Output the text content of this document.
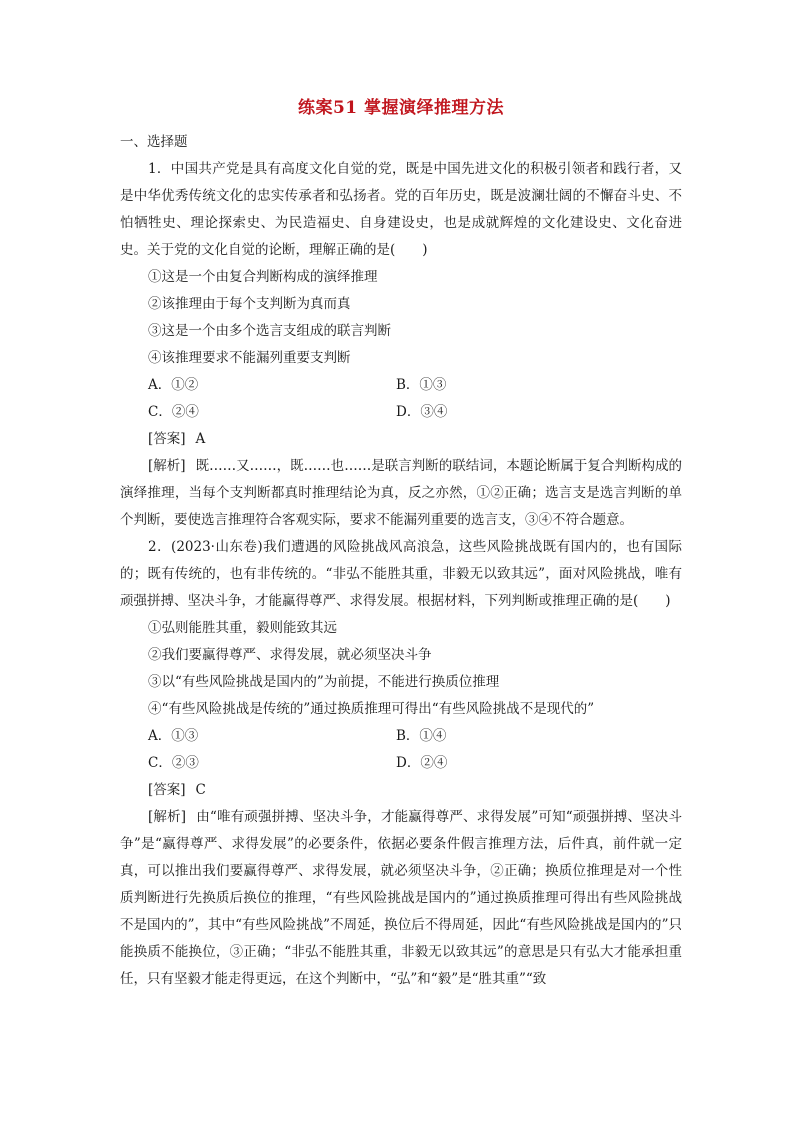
练案51 掌握演绎推理方法

一、选择题

1．中国共产党是具有高度文化自觉的党，既是中国先进文化的积极引领者和践行者，又是中华优秀传统文化的忠实传承者和弘扬者。党的百年历史，既是波澜壮阔的不懈奋斗史、不怕牺牲史、理论探索史、为民造福史、自身建设史，也是成就辉煌的文化建设史、文化奋进史。关于党的文化自觉的论断，理解正确的是(　　)

①这是一个由复合判断构成的演绎推理

②该推理由于每个支判断为真而真

③这是一个由多个选言支组成的联言判断

④该推理要求不能漏列重要支判断

A．①②	B．①③
C．②④	D．③④

[答案] A

[解析] 既……又……，既……也……是联言判断的联结词，本题论断属于复合判断构成的演绎推理，当每个支判断都真时推理结论为真，反之亦然，①②正确；选言支是选言判断的单个判断，要使选言推理符合客观实际，要求不能漏列重要的选言支，③④不符合题意。

2．(2023·山东卷)我们遭遇的风险挑战风高浪急，这些风险挑战既有国内的，也有国际的；既有传统的，也有非传统的。“非弘不能胜其重，非毅无以致其远”，面对风险挑战，唯有顽强拼搏、坚决斗争，才能赢得尊严、求得发展。根据材料，下列判断或推理正确的是(　　)

①弘则能胜其重，毅则能致其远

②我们要赢得尊严、求得发展，就必须坚决斗争

③以“有些风险挑战是国内的”为前提，不能进行换质位推理

④“有些风险挑战是传统的”通过换质推理可得出“有些风险挑战不是现代的”

A．①③	B．①④
C．②③	D．②④

[答案] C

[解析] 由“唯有顽强拼搏、坚决斗争，才能赢得尊严、求得发展”可知“顽强拼搏、坚决斗争”是“赢得尊严、求得发展”的必要条件，依据必要条件假言推理方法，后件真，前件就一定真，可以推出我们要赢得尊严、求得发展，就必须坚决斗争，②正确；换质位推理是对一个性质判断进行先换质后换位的推理，“有些风险挑战是国内的”通过换质推理可得出有些风险挑战不是国内的”，其中“有些风险挑战”不周延，换位后不得周延，因此“有些风险挑战是国内的”只能换质不能换位，③正确；“非弘不能胜其重，非毅无以致其远”的意思是只有弘大才能承担重任，只有坚毅才能走得更远，在这个判断中，“弘”和“毅”是“胜其重”“致
